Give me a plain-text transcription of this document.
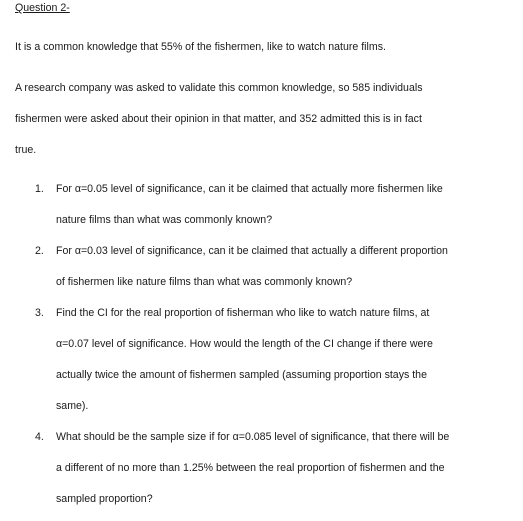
Question 2-
It is a common knowledge that 55% of the fishermen, like to watch nature films.
A research company was asked to validate this common knowledge, so 585 individuals
fishermen were asked about their opinion in that matter, and 352 admitted this is in fact
true.
1. For α=0.05 level of significance, can it be claimed that actually more fishermen like
nature films than what was commonly known?
2. For α=0.03 level of significance, can it be claimed that actually a different proportion
of fishermen like nature films than what was commonly known?
3. Find the CI for the real proportion of fisherman who like to watch nature films, at
α=0.07 level of significance. How would the length of the CI change if there were
actually twice the amount of fishermen sampled (assuming proportion stays the
same).
4. What should be the sample size if for α=0.085 level of significance, that there will be
a different of no more than 1.25% between the real proportion of fishermen and the
sampled proportion?
